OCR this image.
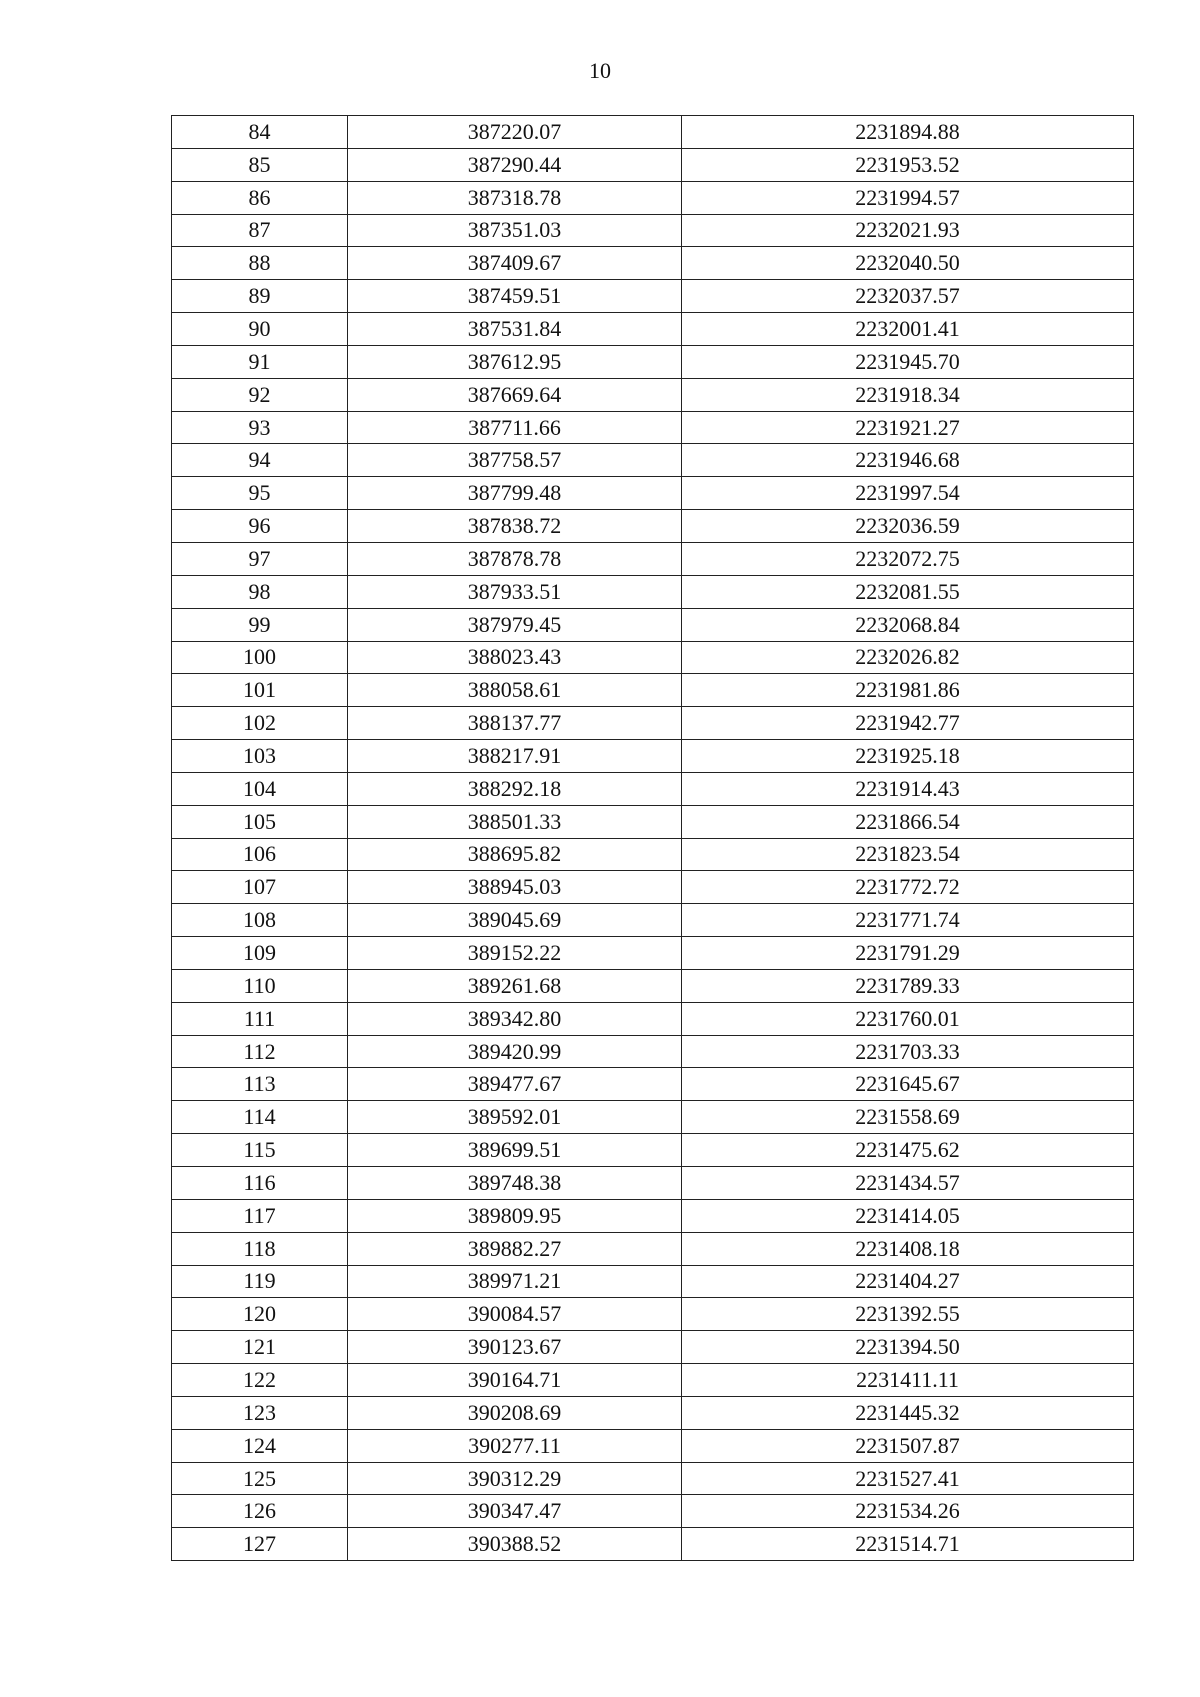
10
84	387220.07	2231894.88
85	387290.44	2231953.52
86	387318.78	2231994.57
87	387351.03	2232021.93
88	387409.67	2232040.50
89	387459.51	2232037.57
90	387531.84	2232001.41
91	387612.95	2231945.70
92	387669.64	2231918.34
93	387711.66	2231921.27
94	387758.57	2231946.68
95	387799.48	2231997.54
96	387838.72	2232036.59
97	387878.78	2232072.75
98	387933.51	2232081.55
99	387979.45	2232068.84
100	388023.43	2232026.82
101	388058.61	2231981.86
102	388137.77	2231942.77
103	388217.91	2231925.18
104	388292.18	2231914.43
105	388501.33	2231866.54
106	388695.82	2231823.54
107	388945.03	2231772.72
108	389045.69	2231771.74
109	389152.22	2231791.29
110	389261.68	2231789.33
111	389342.80	2231760.01
112	389420.99	2231703.33
113	389477.67	2231645.67
114	389592.01	2231558.69
115	389699.51	2231475.62
116	389748.38	2231434.57
117	389809.95	2231414.05
118	389882.27	2231408.18
119	389971.21	2231404.27
120	390084.57	2231392.55
121	390123.67	2231394.50
122	390164.71	2231411.11
123	390208.69	2231445.32
124	390277.11	2231507.87
125	390312.29	2231527.41
126	390347.47	2231534.26
127	390388.52	2231514.71
